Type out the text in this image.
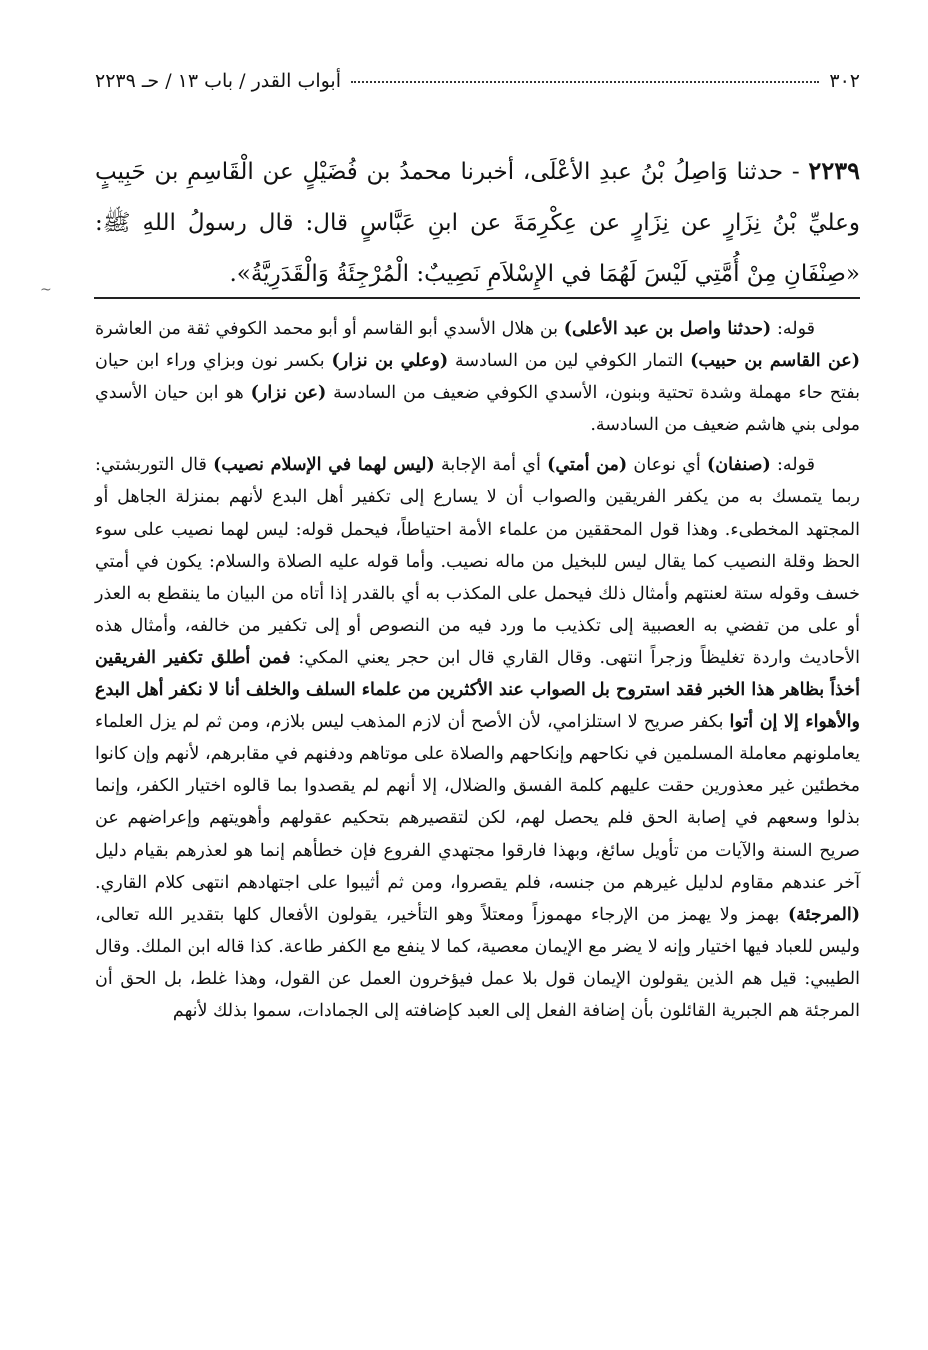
٣٠٢
أبواب القدر / باب ١٣ / حـ ٢٢٣٩
٢٢٣٩ - حدثنا وَاصِلُ بْنُ عبدِ الأعْلَى، أخبرنا محمدُ بن فُضَيْلٍ عن الْقَاسِمِ بن حَبِيبٍ وعليِّ بْنُ نِزَارٍ عن نِزَارٍ عن عِكْرِمَةَ عن ابنِ عَبَّاسٍ قال: قال رسولُ اللهِ ﷺ: «صِنْفَانِ مِنْ أُمَّتِي لَيْسَ لَهُمَا في الإِسْلاَمِ نَصِيبٌ: الْمُرْجِئَةُ وَالْقَدَرِيَّةُ».
~

قوله: (حدثنا واصل بن عبد الأعلى) بن هلال الأسدي أبو القاسم أو أبو محمد الكوفي ثقة من العاشرة (عن القاسم بن حبيب) التمار الكوفي لين من السادسة (وعلي بن نزار) بكسر نون وبزاي وراء ابن حيان بفتح حاء مهملة وشدة تحتية وبنون، الأسدي الكوفي ضعيف من السادسة (عن نزار) هو ابن حيان الأسدي مولى بني هاشم ضعيف من السادسة.

قوله: (صنفان) أي نوعان (من أمتي) أي أمة الإجابة (ليس لهما في الإسلام نصيب) قال التوربشتي: ربما يتمسك به من يكفر الفريقين والصواب أن لا يسارع إلى تكفير أهل البدع لأنهم بمنزلة الجاهل أو المجتهد المخطىء. وهذا قول المحققين من علماء الأمة احتياطاً، فيحمل قوله: ليس لهما نصيب على سوء الحظ وقلة النصيب كما يقال ليس للبخيل من ماله نصيب. وأما قوله عليه الصلاة والسلام: يكون في أمتي خسف وقوله ستة لعنتهم وأمثال ذلك فيحمل على المكذب به أي بالقدر إذا أتاه من البيان ما ينقطع به العذر أو على من تفضي به العصبية إلى تكذيب ما ورد فيه من النصوص أو إلى تكفير من خالفه، وأمثال هذه الأحاديث واردة تغليظاً وزجراً انتهى. وقال القاري قال ابن حجر يعني المكي: فمن أطلق تكفير الفريقين أخذاً بظاهر هذا الخبر فقد استروح بل الصواب عند الأكثرين من علماء السلف والخلف أنا لا نكفر أهل البدع والأهواء إلا إن أتوا بكفر صريح لا استلزامي، لأن الأصح أن لازم المذهب ليس بلازم، ومن ثم لم يزل العلماء يعاملونهم معاملة المسلمين في نكاحهم وإنكاحهم والصلاة على موتاهم ودفنهم في مقابرهم، لأنهم وإن كانوا مخطئين غير معذورين حقت عليهم كلمة الفسق والضلال، إلا أنهم لم يقصدوا بما قالوه اختيار الكفر، وإنما بذلوا وسعهم في إصابة الحق فلم يحصل لهم، لكن لتقصيرهم بتحكيم عقولهم وأهويتهم وإعراضهم عن صريح السنة والآيات من تأويل سائغ، وبهذا فارقوا مجتهدي الفروع فإن خطأهم إنما هو لعذرهم بقيام دليل آخر عندهم مقاوم لدليل غيرهم من جنسه، فلم يقصروا، ومن ثم أثيبوا على اجتهادهم انتهى كلام القاري. (المرجئة) بهمز ولا يهمز من الإرجاء مهموزاً ومعتلاً وهو التأخير، يقولون الأفعال كلها بتقدير الله تعالى، وليس للعباد فيها اختيار وإنه لا يضر مع الإيمان معصية، كما لا ينفع مع الكفر طاعة. كذا قاله ابن الملك. وقال الطيبي: قيل هم الذين يقولون الإيمان قول بلا عمل فيؤخرون العمل عن القول، وهذا غلط، بل الحق أن المرجئة هم الجبرية القائلون بأن إضافة الفعل إلى العبد كإضافته إلى الجمادات، سموا بذلك لأنهم
